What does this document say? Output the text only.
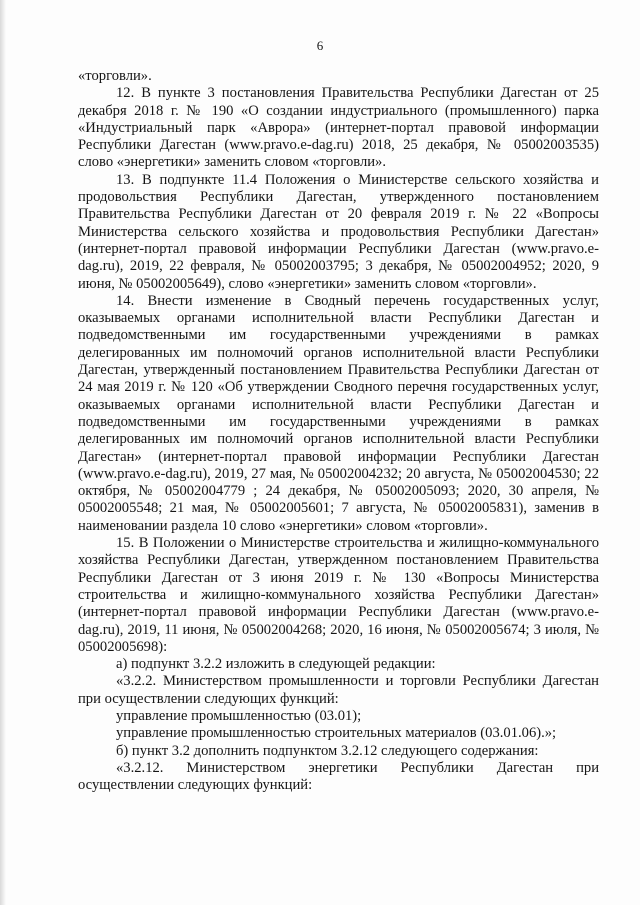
6

«торговли».

12. В пункте 3 постановления Правительства Республики Дагестан от 25 декабря 2018 г. № 190 «О создании индустриального (промышленного) парка «Индустриальный парк «Аврора» (интернет-портал правовой информации Республики Дагестан (www.pravo.e-dag.ru) 2018, 25 декабря, № 05002003535) слово «энергетики» заменить словом «торговли».

13. В подпункте 11.4 Положения о Министерстве сельского хозяйства и продовольствия Республики Дагестан, утвержденного постановлением Правительства Республики Дагестан от 20 февраля 2019 г. № 22 «Вопросы Министерства сельского хозяйства и продовольствия Республики Дагестан» (интернет-портал правовой информации Республики Дагестан (www.pravo.e-dag.ru), 2019, 22 февраля, № 05002003795; 3 декабря, № 05002004952; 2020, 9 июня, № 05002005649), слово «энергетики» заменить словом «торговли».

14. Внести изменение в Сводный перечень государственных услуг, оказываемых органами исполнительной власти Республики Дагестан и подведомственными им государственными учреждениями в рамках делегированных им полномочий органов исполнительной власти Республики Дагестан, утвержденный постановлением Правительства Республики Дагестан от 24 мая 2019 г. № 120 «Об утверждении Сводного перечня государственных услуг, оказываемых органами исполнительной власти Республики Дагестан и подведомственными им государственными учреждениями в рамках делегированных им полномочий органов исполнительной власти Республики Дагестан» (интернет-портал правовой информации Республики Дагестан (www.pravo.e-dag.ru), 2019, 27 мая, № 05002004232; 20 августа, № 05002004530; 22 октября, № 05002004779 ; 24 декабря, № 05002005093; 2020, 30 апреля, № 05002005548; 21 мая, № 05002005601; 7 августа, № 05002005831), заменив в наименовании раздела 10 слово «энергетики» словом «торговли».

15. В Положении о Министерстве строительства и жилищно-коммунального хозяйства Республики Дагестан, утвержденном постановлением Правительства Республики Дагестан от 3 июня 2019 г. № 130 «Вопросы Министерства строительства и жилищно-коммунального хозяйства Республики Дагестан» (интернет-портал правовой информации Республики Дагестан (www.pravo.e-dag.ru), 2019, 11 июня, № 05002004268; 2020, 16 июня, № 05002005674; 3 июля, № 05002005698):

а) подпункт 3.2.2 изложить в следующей редакции:

«3.2.2. Министерством промышленности и торговли Республики Дагестан при осуществлении следующих функций:

управление промышленностью (03.01);

управление промышленностью строительных материалов (03.01.06).»;

б) пункт 3.2 дополнить подпунктом 3.2.12 следующего содержания:

«3.2.12. Министерством энергетики Республики Дагестан при осуществлении следующих функций:
